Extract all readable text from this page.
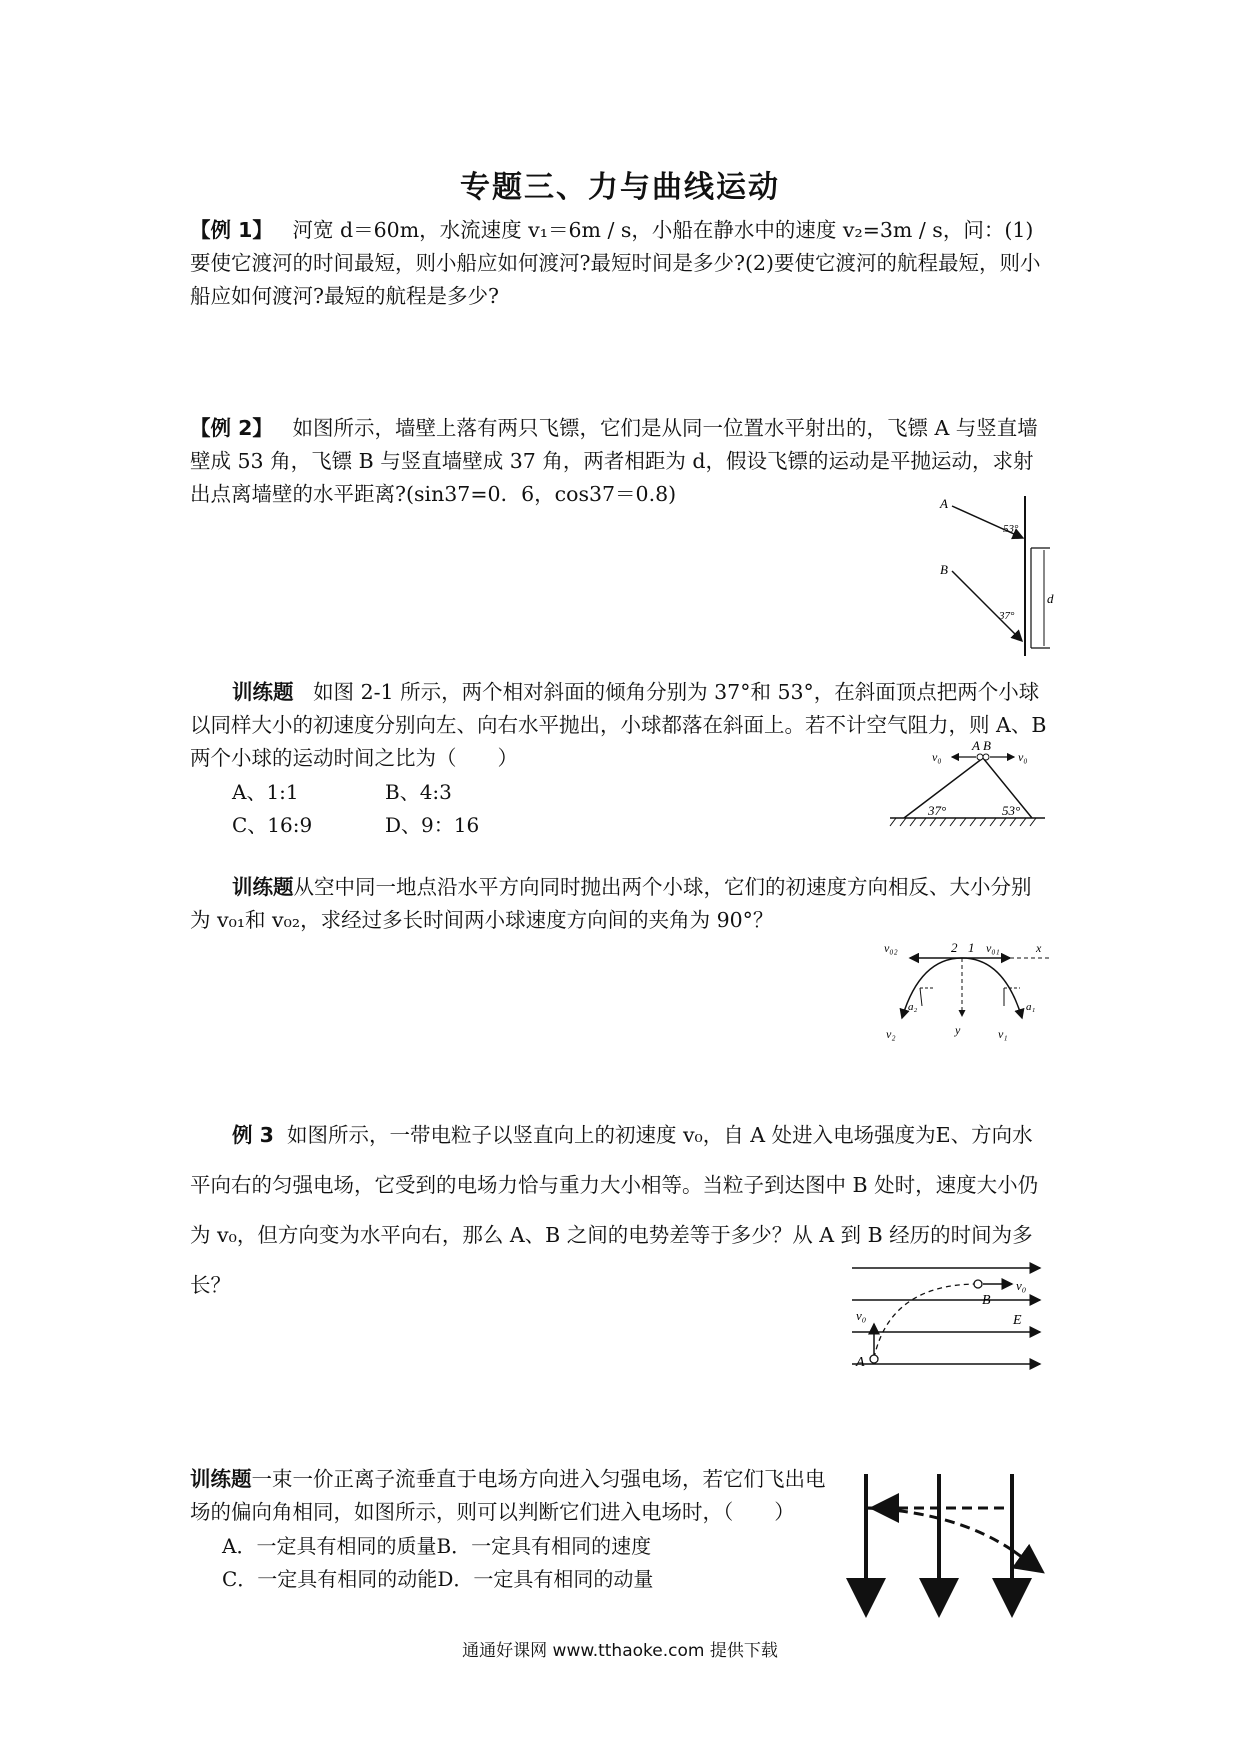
专题三、力与曲线运动
【例 1】 河宽 d＝60m，水流速度 v₁＝6m / s，小船在静水中的速度 v₂=3m / s，问：(1)要使它渡河的时间最短，则小船应如何渡河?最短时间是多少?(2)要使它渡河的航程最短，则小船应如何渡河?最短的航程是多少?
【例 2】 如图所示，墙壁上落有两只飞镖，它们是从同一位置水平射出的，飞镖 A 与竖直墙壁成 53 角，飞镖 B 与竖直墙壁成 37 角，两者相距为 d，假设飞镖的运动是平抛运动，求射出点离墙壁的水平距离?(sin37=0．6，cos37＝0.8)	A
B
53°
37°
d
训练题 如图 2-1 所示，两个相对斜面的倾角分别为 37°和 53°，在斜面顶点把两个小球以同样大小的初速度分别向左、向右水平抛出，小球都落在斜面上。若不计空气阻力，则 A、B 两个小球的运动时间之比为（　　）
A、1:1	B、4:3
C、16:9	D、9：16
v₀	v₀
A B
37°	53°
训练题从空中同一地点沿水平方向同时抛出两个小球，它们的初速度方向相反、大小分别为 v₀₁和 v₀₂，求经过多长时间两小球速度方向间的夹角为 90°？
v₀₂	2 1 v₀₁	x
a₂	a₁
v₂	y	v₁
例 3 如图所示，一带电粒子以竖直向上的初速度 v₀，自 A 处进入电场强度为E、方向水平向右的匀强电场，它受到的电场力恰与重力大小相等。当粒子到达图中 B 处时，速度大小仍为 v₀，但方向变为水平向右，那么 A、B 之间的电势差等于多少？从 A 到 B 经历的时间为多长？
v₀
v₀
B
E
A
训练题一束一价正离子流垂直于电场方向进入匀强电场，若它们飞出电场的偏向角相同，如图所示，则可以判断它们进入电场时，（　　）
A．一定具有相同的质量B．一定具有相同的速度
C．一定具有相同的动能D．一定具有相同的动量
通通好课网 www.tthaoke.com 提供下载
